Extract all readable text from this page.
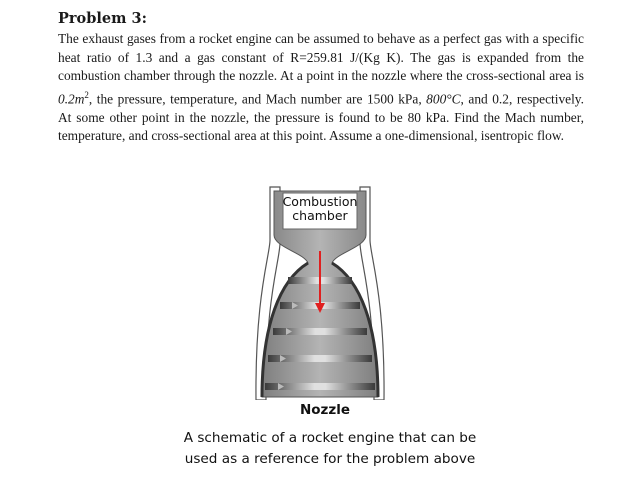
Problem 3:

The exhaust gases from a rocket engine can be assumed to behave as a perfect gas with a specific heat ratio of 1.3 and a gas constant of R=259.81 J/(Kg K). The gas is expanded from the combustion chamber through the nozzle. At a point in the nozzle where the cross-sectional area is $0.2m^2$, the pressure, temperature, and Mach number are 1500 kPa, 800°C, and 0.2, respectively. At some other point in the nozzle, the pressure is found to be 80 kPa. Find the Mach number, temperature, and cross-sectional area at this point. Assume a one-dimensional, isentropic flow.

Combustion
chamber
Nozzle
A schematic of a rocket engine that can be
used as a reference for the problem above
